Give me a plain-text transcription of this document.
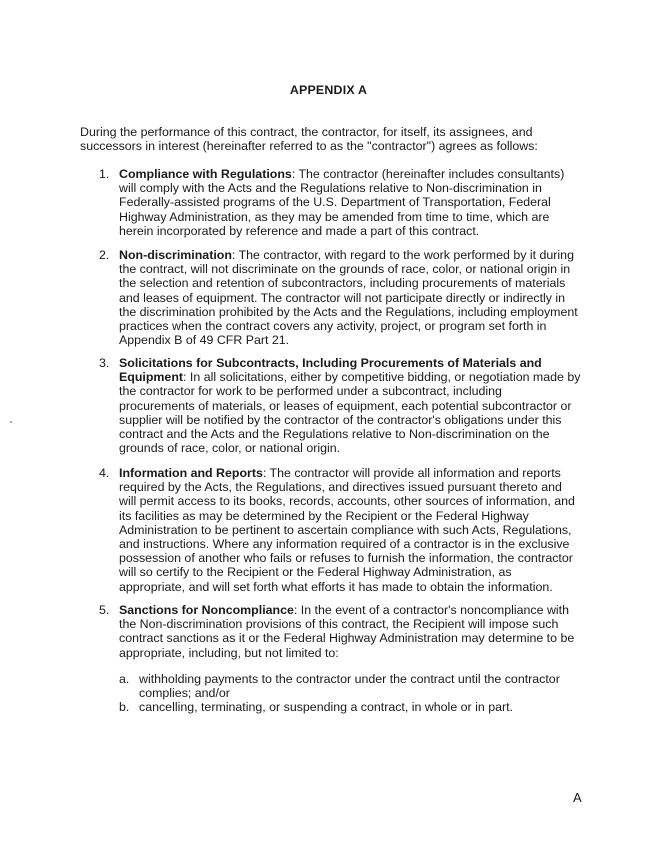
APPENDIX A
During the performance of this contract, the contractor, for itself, its assignees, and successors in interest (hereinafter referred to as the "contractor") agrees as follows:
1. Compliance with Regulations: The contractor (hereinafter includes consultants) will comply with the Acts and the Regulations relative to Non-discrimination in Federally-assisted programs of the U.S. Department of Transportation, Federal Highway Administration, as they may be amended from time to time, which are herein incorporated by reference and made a part of this contract.
2. Non-discrimination: The contractor, with regard to the work performed by it during the contract, will not discriminate on the grounds of race, color, or national origin in the selection and retention of subcontractors, including procurements of materials and leases of equipment. The contractor will not participate directly or indirectly in the discrimination prohibited by the Acts and the Regulations, including employment practices when the contract covers any activity, project, or program set forth in Appendix B of 49 CFR Part 21.
3. Solicitations for Subcontracts, Including Procurements of Materials and Equipment: In all solicitations, either by competitive bidding, or negotiation made by the contractor for work to be performed under a subcontract, including procurements of materials, or leases of equipment, each potential subcontractor or supplier will be notified by the contractor of the contractor's obligations under this contract and the Acts and the Regulations relative to Non-discrimination on the grounds of race, color, or national origin.
4. Information and Reports: The contractor will provide all information and reports required by the Acts, the Regulations, and directives issued pursuant thereto and will permit access to its books, records, accounts, other sources of information, and its facilities as may be determined by the Recipient or the Federal Highway Administration to be pertinent to ascertain compliance with such Acts, Regulations, and instructions. Where any information required of a contractor is in the exclusive possession of another who fails or refuses to furnish the information, the contractor will so certify to the Recipient or the Federal Highway Administration, as appropriate, and will set forth what efforts it has made to obtain the information.
5. Sanctions for Noncompliance: In the event of a contractor's noncompliance with the Non-discrimination provisions of this contract, the Recipient will impose such contract sanctions as it or the Federal Highway Administration may determine to be appropriate, including, but not limited to:
a. withholding payments to the contractor under the contract until the contractor complies; and/or
b. cancelling, terminating, or suspending a contract, in whole or in part.
A
